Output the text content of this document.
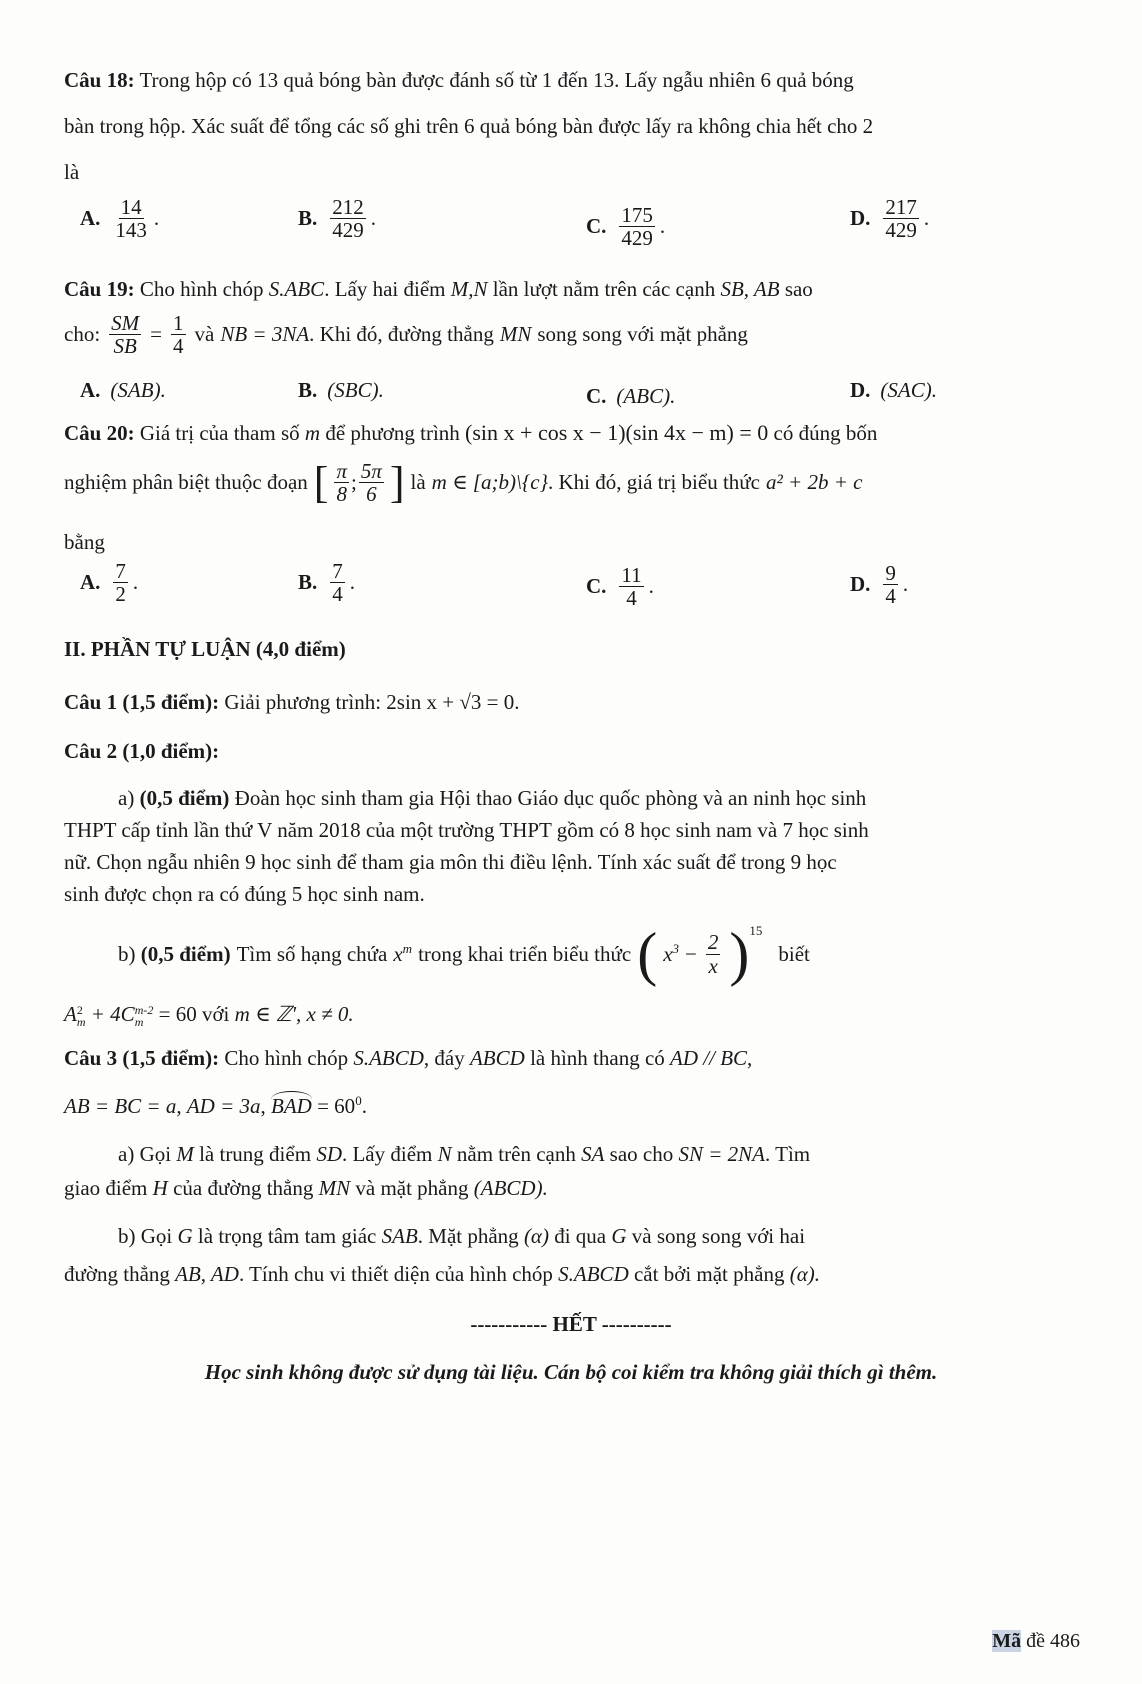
Câu 18: Trong hộp có 13 quả bóng bàn được đánh số từ 1 đến 13. Lấy ngẫu nhiên 6 quả bóng
bàn trong hộp. Xác suất để tổng các số ghi trên 6 quả bóng bàn được lấy ra không chia hết cho 2
là
A. $\frac{14}{143}$ .	B. $\frac{212}{429}$ .	C. $\frac{175}{429}$ .	D. $\frac{217}{429}$ .
Câu 19: Cho hình chóp S.ABC. Lấy hai điểm M,N lần lượt nằm trên các cạnh SB, AB sao
cho: $\frac{SM}{SB} = \frac{1}{4}$ và NB = 3NA . Khi đó, đường thẳng MN song song với mặt phẳng
A. (SAB).	B. (SBC).	C. (ABC).	D. (SAC).
Câu 20: Giá trị của tham số m để phương trình (sin x + cos x − 1)(sin 4x − m) = 0 có đúng bốn
nghiệm phân biệt thuộc đoạn [ $\frac{\pi}{8}$ ; $\frac{5\pi}{6}$ ] là m ∈ [a;b)\{c} . Khi đó, giá trị biểu thức a² + 2b + c
bằng
A. $\frac{7}{2}$ .	B. $\frac{7}{4}$ .	C. $\frac{11}{4}$ .	D. $\frac{9}{4}$ .
II. PHẦN TỰ LUẬN (4,0 điểm)
Câu 1 (1,5 điểm): Giải phương trình: 2sin x + √3 = 0.
Câu 2 (1,0 điểm):
a) (0,5 điểm) Đoàn học sinh tham gia Hội thao Giáo dục quốc phòng và an ninh học sinh
THPT cấp tỉnh lần thứ V năm 2018 của một trường THPT gồm có 8 học sinh nam và 7 học sinh
nữ. Chọn ngẫu nhiên 9 học sinh để tham gia môn thi điều lệnh. Tính xác suất để trong 9 học
sinh được chọn ra có đúng 5 học sinh nam.
b) (0,5 điểm) Tìm số hạng chứa $x^m$ trong khai triển biểu thức ( $x^3 - \frac{2}{x} )^{15}$
biết
A 2
m + 4C m-2
m = 60 với m ∈ ℤ', x ≠ 0.
Câu 3 (1,5 điểm): Cho hình chóp S.ABCD, đáy ABCD là hình thang có AD // BC,
AB = BC = a, AD = 3a, BAD = $60^0$.
a) Gọi M là trung điểm SD. Lấy điểm N nằm trên cạnh SA sao cho SN = 2NA. Tìm
giao điểm H của đường thẳng MN và mặt phẳng (ABCD).
b) Gọi G là trọng tâm tam giác SAB. Mặt phẳng (α) đi qua G và song song với hai
đường thẳng AB, AD. Tính chu vi thiết diện của hình chóp S.ABCD cắt bởi mặt phẳng (α).
----------- HẾT ----------
Học sinh không được sử dụng tài liệu. Cán bộ coi kiểm tra không giải thích gì thêm.
Mã đề 486
